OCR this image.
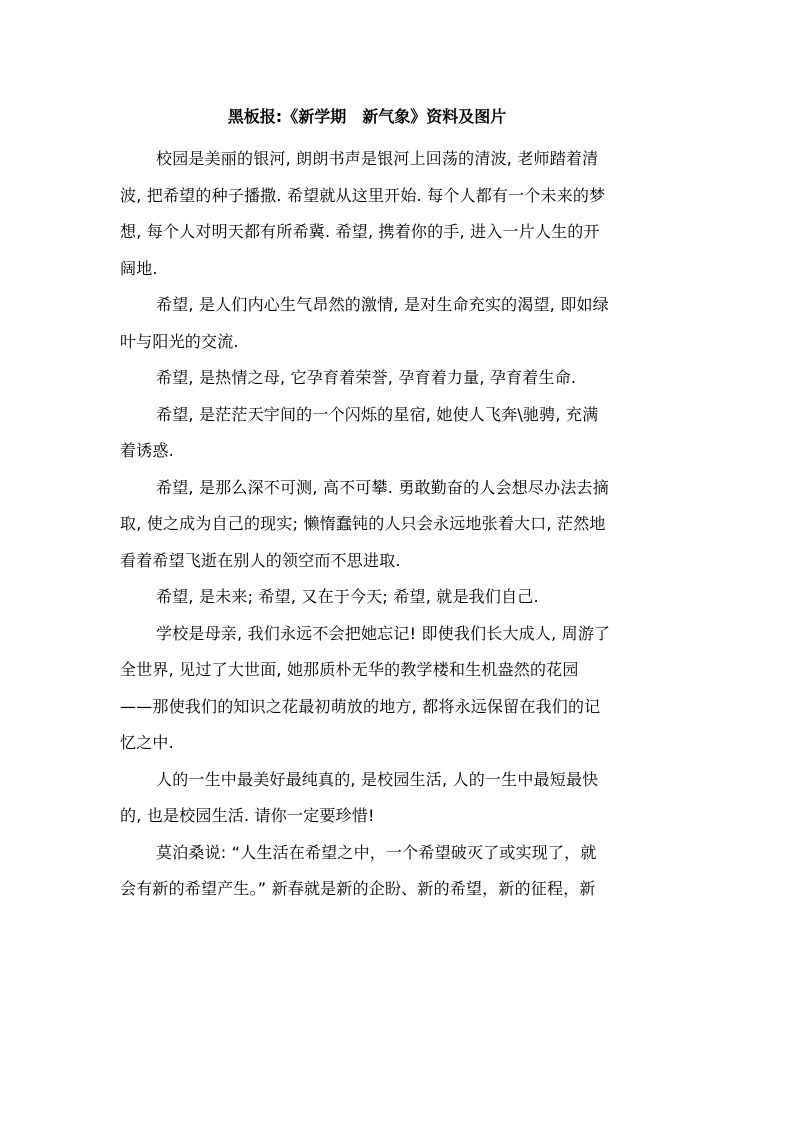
黑板报:《新学期　新气象》资料及图片

校园是美丽的银河, 朗朗书声是银河上回荡的清波, 老师踏着清
波, 把希望的种子播撒. 希望就从这里开始. 每个人都有一个未来的梦
想, 每个人对明天都有所希冀. 希望, 携着你的手, 进入一片人生的开
阔地.

希望, 是人们内心生气昂然的激情, 是对生命充实的渴望, 即如绿
叶与阳光的交流.

希望, 是热情之母, 它孕育着荣誉, 孕育着力量, 孕育着生命.

希望, 是茫茫天宇间的一个闪烁的星宿, 她使人飞奔\驰骋, 充满
着诱惑.

希望, 是那么深不可测, 高不可攀. 勇敢勤奋的人会想尽办法去摘
取, 使之成为自己的现实; 懒惰蠢钝的人只会永远地张着大口, 茫然地
看着希望飞逝在别人的领空而不思进取.

希望, 是未来; 希望, 又在于今天; 希望, 就是我们自己.

学校是母亲, 我们永远不会把她忘记! 即使我们长大成人, 周游了
全世界, 见过了大世面, 她那质朴无华的教学楼和生机盎然的花园
——那使我们的知识之花最初萌放的地方, 都将永远保留在我们的记
忆之中.

人的一生中最美好最纯真的, 是校园生活, 人的一生中最短最快
的, 也是校园生活. 请你一定要珍惜!

莫泊桑说: “人生活在希望之中，一个希望破灭了或实现了，就
会有新的希望产生。” 新春就是新的企盼、新的希望，新的征程，新
